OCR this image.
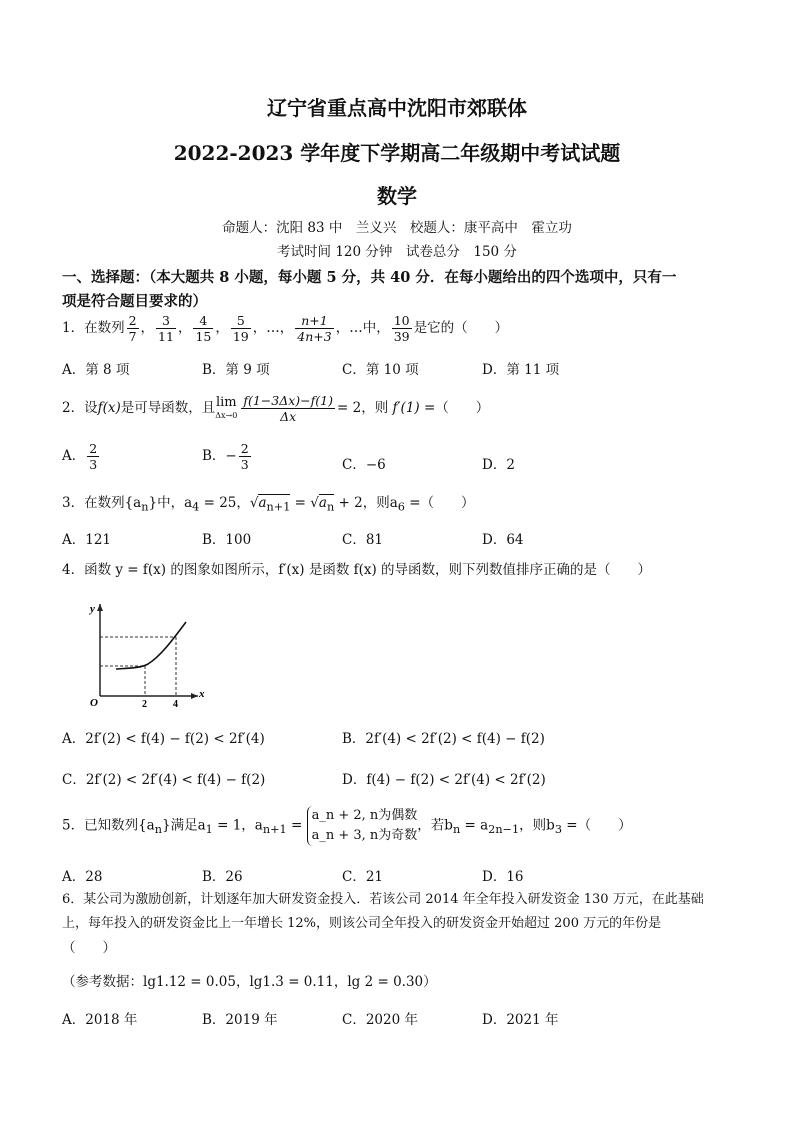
辽宁省重点高中沈阳市郊联体
2022-2023 学年度下学期高二年级期中考试试题
数学
命题人：沈阳 83 中　兰义兴　校题人：康平高中　霍立功
考试时间 120 分钟　试卷总分　150 分
一、选择题：（本大题共 8 小题，每小题 5 分，共 40 分．在每小题给出的四个选项中，只有一
项是符合题目要求的）
1．在数列 $\frac{2}{7}$ ， $\frac{3}{11}$ ， $\frac{4}{15}$ ， $\frac{5}{19}$ ，…， $\frac{n+1}{4n+3}$ ，…中， $\frac{10}{39}$ 是它的（　　）
A．第 8 项	B．第 9 项	C．第 10 项	D．第 11 项
2．设f(x)是可导函数，且 lim
$\Delta x\to 0 \frac{f(1-3\Delta x)-f(1)}{\Delta x} = 2$，则 f′(1) =（　　）
A． $\frac{2}{3}$	B．− $\frac{2}{3}$	C．−6	D．2
3．在数列$\{a_n\}$中，$a_4 = 25$，$√a_{n+1} = √a_n + 2$，则$a_6$ =（　　）
A．121	B．100	C．81	D．64
4．函数 y = f(x) 的图象如图所示，f′(x) 是函数 f(x) 的导函数，则下列数值排序正确的是（　　）
y
x
O	2	4
A．2f′(2) < f(4) − f(2) < 2f′(4)	B．2f′(4) < 2f′(2) < f(4) − f(2)
C．2f′(2) < 2f′(4) < f(4) − f(2)	D．f(4) − f(2) < 2f′(4) < 2f′(2)
5．已知数列$\{a_n\}$满足$a_1 = 1$，$a_{n+1}$ =
a_n + 2, n为偶数
a_n + 3, n为奇数
，若$b_n = a_{2n-1}$，则$b_3$ =（　　）
A．28	B．26	C．21	D．16
6．某公司为激励创新，计划逐年加大研发资金投入．若该公司 2014 年全年投入研发资金 130 万元，在此基础
上，每年投入的研发资金比上一年增长 12%，则该公司全年投入的研发资金开始超过 200 万元的年份是
（　　）
（参考数据：lg1.12 = 0.05，lg1.3 = 0.11，lg 2 = 0.30）
A．2018 年	B．2019 年	C．2020 年	D．2021 年
